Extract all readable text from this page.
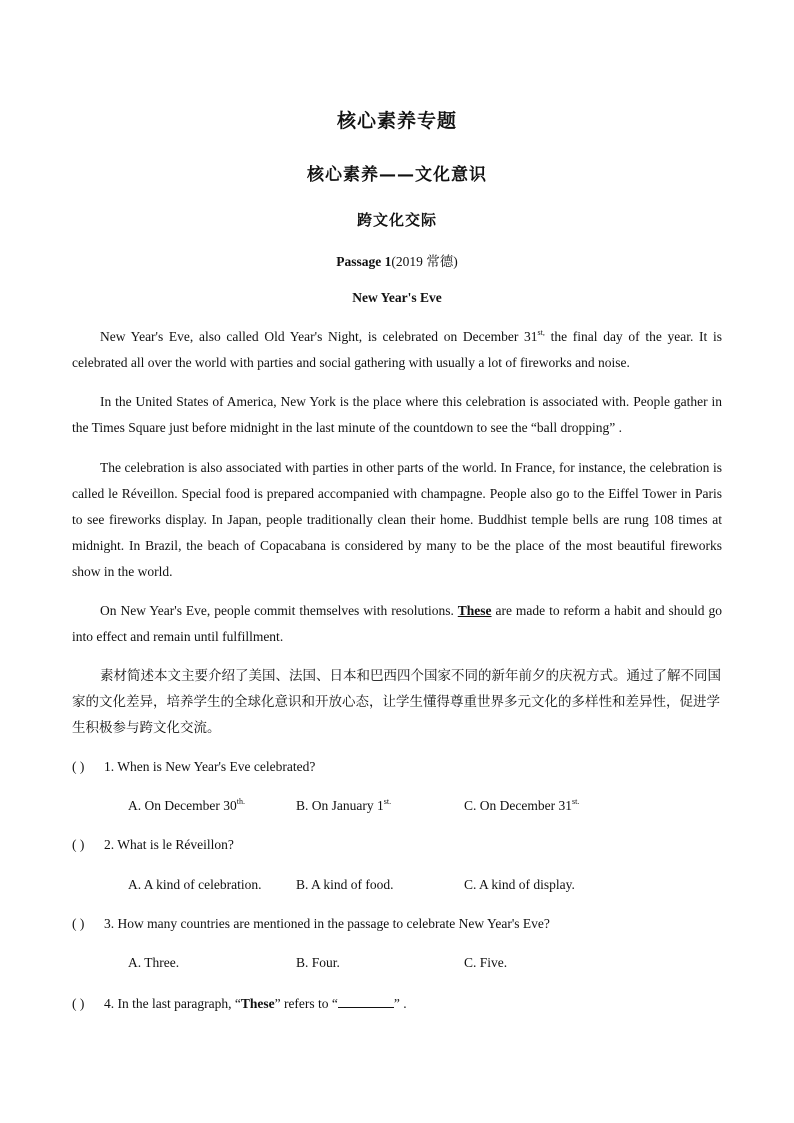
核心素养专题
核心素养——文化意识
跨文化交际
Passage 1(2019 常德)
New Year's Eve

New Year's Eve, also called Old Year's Night, is celebrated on December $31^{st,}$ the final day of the year. It is celebrated all over the world with parties and social gathering with usually a lot of fireworks and noise.

In the United States of America, New York is the place where this celebration is associated with. People gather in the Times Square just before midnight in the last minute of the countdown to see the “ball dropping” .

The celebration is also associated with parties in other parts of the world. In France, for instance, the celebration is called le Réveillon. Special food is prepared accompanied with champagne. People also go to the Eiffel Tower in Paris to see fireworks display. In Japan, people traditionally clean their home. Buddhist temple bells are rung 108 times at midnight. In Brazil, the beach of Copacabana is considered by many to be the place of the most beautiful fireworks show in the world.

On New Year's Eve, people commit themselves with resolutions. These are made to reform a habit and should go into effect and remain until fulfillment.

素材简述本文主要介绍了美国、法国、日本和巴西四个国家不同的新年前夕的庆祝方式。通过了解不同国家的文化差异，培养学生的全球化意识和开放心态，让学生懂得尊重世界多元文化的多样性和差异性，促进学生积极参与跨文化交流。

( ) 1. When is New Year's Eve celebrated?
A. On December $30^{th.}$	B. On January $1^{st.}$	C. On December $31^{st.}$
( ) 2. What is le Réveillon?
A. A kind of celebration.	B. A kind of food.	C. A kind of display.
( ) 3. How many countries are mentioned in the passage to celebrate New Year's Eve?
A. Three.	B. Four.	C. Five.
( ) 4. In the last paragraph, “These” refers to “	” .
